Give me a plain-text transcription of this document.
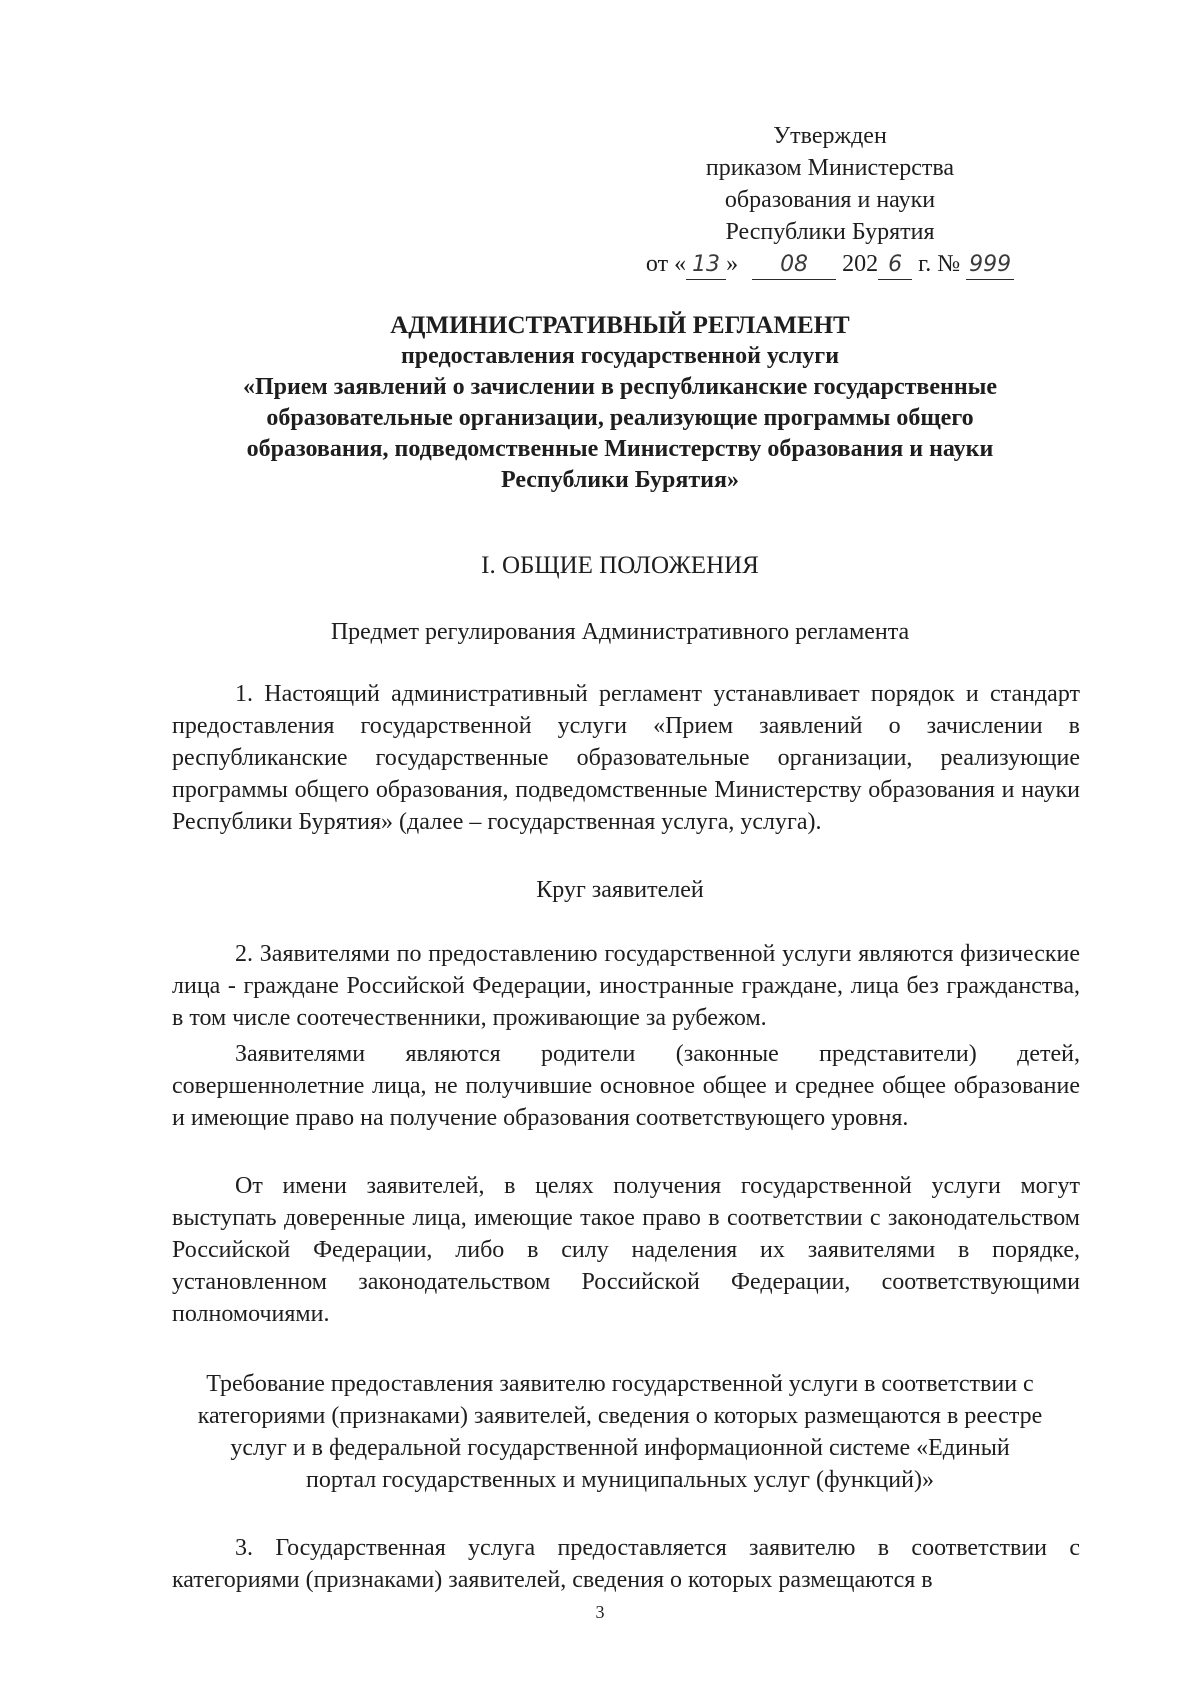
Утвержден
приказом Министерства
образования и науки
Республики Бурятия
от « 13 » 08 202 6 г. № 999
АДМИНИСТРАТИВНЫЙ РЕГЛАМЕНТ
предоставления государственной услуги
«Прием заявлений о зачислении в республиканские государственные
образовательные организации, реализующие программы общего
образования, подведомственные Министерству образования и науки
Республики Бурятия»
I. ОБЩИЕ ПОЛОЖЕНИЯ
Предмет регулирования Административного регламента

1. Настоящий административный регламент устанавливает порядок и стандарт предоставления государственной услуги «Прием заявлений о зачислении в республиканские государственные образовательные организации, реализующие программы общего образования, подведомственные Министерству образования и науки Республики Бурятия» (далее – государственная услуга, услуга).

Круг заявителей

2. Заявителями по предоставлению государственной услуги являются физические лица - граждане Российской Федерации, иностранные граждане, лица без гражданства, в том числе соотечественники, проживающие за рубежом.

Заявителями являются родители (законные представители) детей, совершеннолетние лица, не получившие основное общее и среднее общее образование и имеющие право на получение образования соответствующего уровня.

От имени заявителей, в целях получения государственной услуги могут выступать доверенные лица, имеющие такое право в соответствии с законодательством Российской Федерации, либо в силу наделения их заявителями в порядке, установленном законодательством Российской Федерации, соответствующими полномочиями.

Требование предоставления заявителю государственной услуги в соответствии с
категориями (признаками) заявителей, сведения о которых размещаются в реестре
услуг и в федеральной государственной информационной системе «Единый
портал государственных и муниципальных услуг (функций)»

3. Государственная услуга предоставляется заявителю в соответствии с категориями (признаками) заявителей, сведения о которых размещаются в

3
